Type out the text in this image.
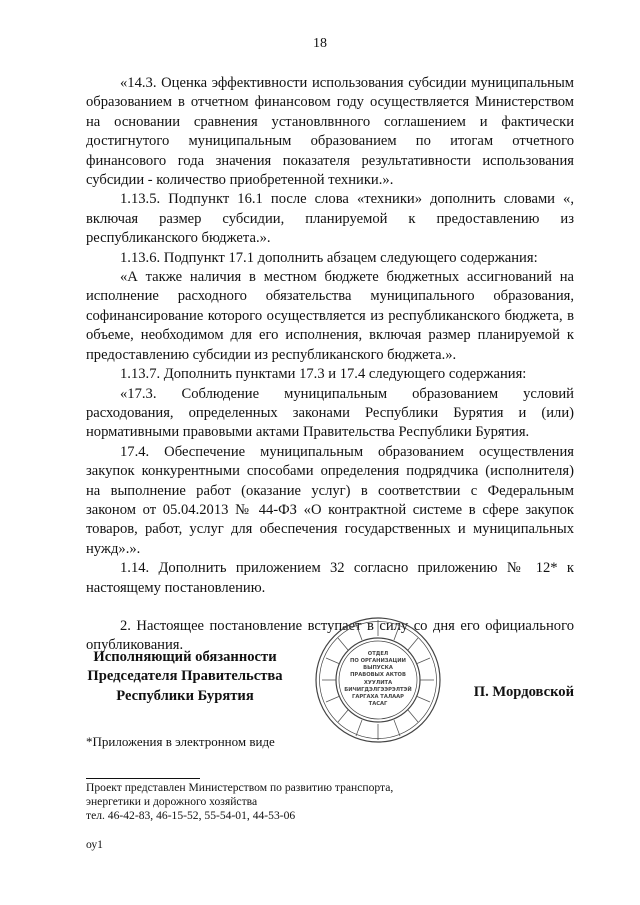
18

«14.3. Оценка эффективности использования субсидии муниципальным образованием в отчетном финансовом году осуществляется Министерством на основании сравнения установлвнного соглашением и фактически достигнутого муниципальным образованием по итогам отчетного финансового года значения показателя результативности использования субсидии - количество приобретенной техники.».

1.13.5. Подпункт 16.1 после слова «техники» дополнить словами «, включая размер субсидии, планируемой к предоставлению из республиканского бюджета.».

1.13.6. Подпункт 17.1 дополнить абзацем следующего содержания:

«А также наличия в местном бюджете бюджетных ассигнований на исполнение расходного обязательства муниципального образования, софинансирование которого осуществляется из республиканского бюджета, в объеме, необходимом для его исполнения, включая размер планируемой к предоставлению субсидии из республиканского бюджета.».

1.13.7. Дополнить пунктами 17.3 и 17.4 следующего содержания:

«17.3. Соблюдение муниципальным образованием условий расходования, определенных законами Республики Бурятия и (или) нормативными правовыми актами Правительства Республики Бурятия.

17.4. Обеспечение муниципальным образованием осуществления закупок конкурентными способами определения подрядчика (исполнителя) на выполнение работ (оказание услуг) в соответствии с Федеральным законом от 05.04.2013 № 44-ФЗ «О контрактной системе в сфере закупок товаров, работ, услуг для обеспечения государственных и муниципальных нужд».».

1.14. Дополнить приложением 32 согласно приложению № 12* к настоящему постановлению.

2. Настоящее постановление вступает в силу со дня его официального опубликования.

Исполняющий обязанности
Председателя Правительства
Республики Бурятия
ОТДЕЛ
ПО ОРГАНИЗАЦИИ
ВЫПУСКА
ПРАВОВЫХ АКТОВ
ХУУЛИТА
БИЧИГДЭЛГЭЭРЭЛТЭЙ
ГАРГАХА ТАЛААР
ТАСАГ
П. Мордовской
*Приложения в электронном виде
Проект представлен Министерством по развитию транспорта,
энергетики и дорожного хозяйства
тел. 46-42-83, 46-15-52, 55-54-01, 44-53-06
оу1
